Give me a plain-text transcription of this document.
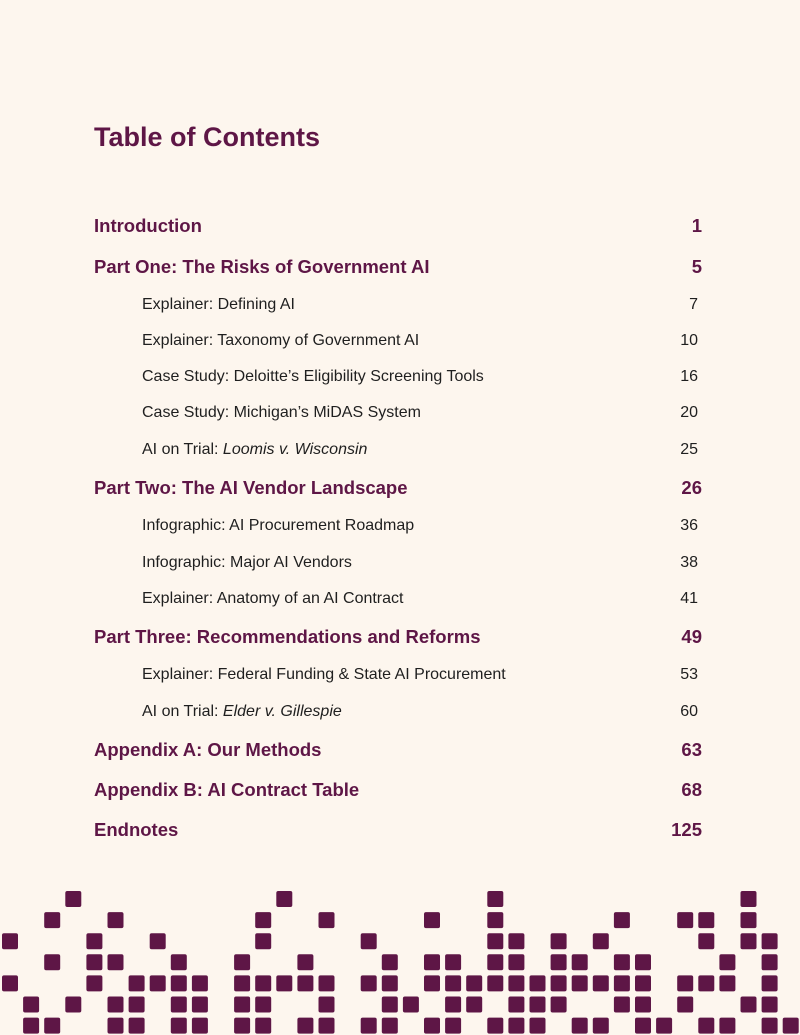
Table of Contents
Introduction	1
Part One: The Risks of Government AI	5
Explainer: Defining AI	7
Explainer: Taxonomy of Government AI	10
Case Study: Deloitte’s Eligibility Screening Tools	16
Case Study: Michigan’s MiDAS System	20
AI on Trial: Loomis v. Wisconsin	25
Part Two: The AI Vendor Landscape	26
Infographic: AI Procurement Roadmap	36
Infographic: Major AI Vendors	38
Explainer: Anatomy of an AI Contract	41
Part Three: Recommendations and Reforms	49
Explainer: Federal Funding & State AI Procurement	53
AI on Trial: Elder v. Gillespie	60
Appendix A: Our Methods	63
Appendix B: AI Contract Table	68
Endnotes	125
